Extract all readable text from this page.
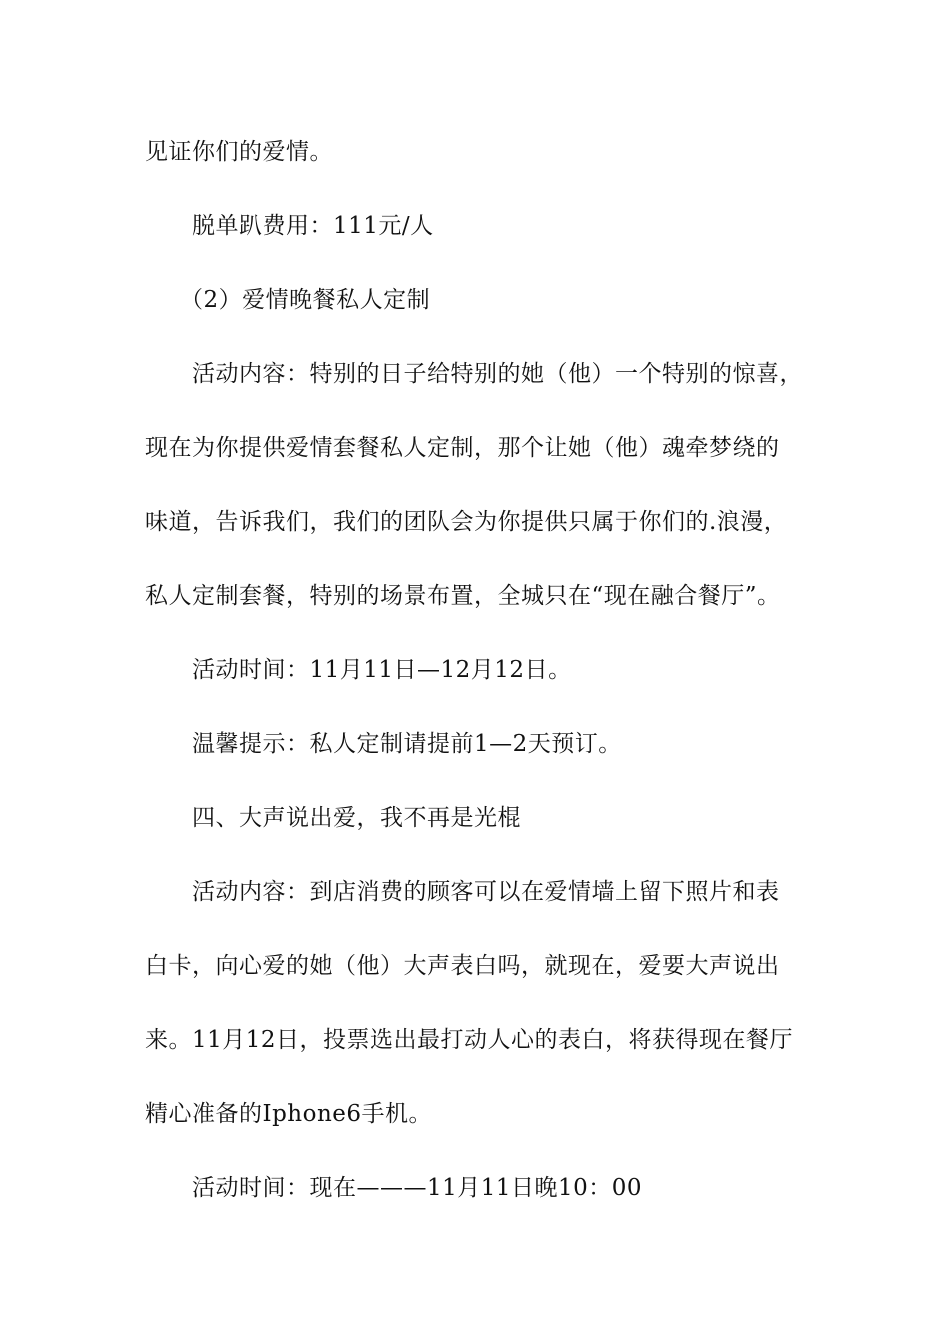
见证你们的爱情。

脱单趴费用：111元/人

（2）爱情晚餐私人定制

活动内容：特别的日子给特别的她（他）一个特别的惊喜，

现在为你提供爱情套餐私人定制，那个让她（他）魂牵梦绕的

味道，告诉我们，我们的团队会为你提供只属于你们的.浪漫，

私人定制套餐，特别的场景布置，全城只在“现在融合餐厅”。

活动时间：11月11日—12月12日。

温馨提示：私人定制请提前1—2天预订。

四、大声说出爱，我不再是光棍

活动内容：到店消费的顾客可以在爱情墙上留下照片和表

白卡，向心爱的她（他）大声表白吗，就现在，爱要大声说出

来。11月12日，投票选出最打动人心的表白，将获得现在餐厅

精心准备的Iphone6手机。

活动时间：现在———11月11日晚10：00
